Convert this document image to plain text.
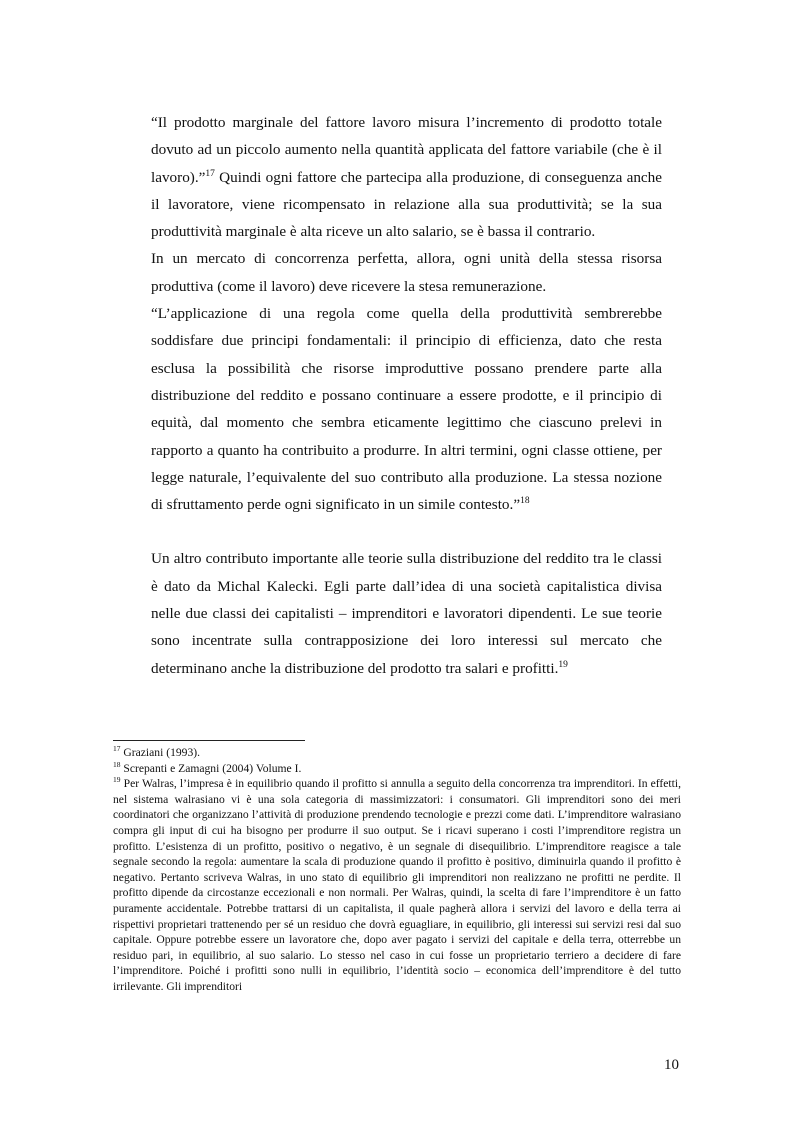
“Il prodotto marginale del fattore lavoro misura l’incremento di prodotto totale dovuto ad un piccolo aumento nella quantità applicata del fattore variabile (che è il lavoro).”$^{17}$ Quindi ogni fattore che partecipa alla produzione, di conseguenza anche il lavoratore, viene ricompensato in relazione alla sua produttività; se la sua produttività marginale è alta riceve un alto salario, se è bassa il contrario.

In un mercato di concorrenza perfetta, allora, ogni unità della stessa risorsa produttiva (come il lavoro) deve ricevere la stesa remunerazione.

“L’applicazione di una regola come quella della produttività sembrerebbe soddisfare due principi fondamentali: il principio di efficienza, dato che resta esclusa la possibilità che risorse improduttive possano prendere parte alla distribuzione del reddito e possano continuare a essere prodotte, e il principio di equità, dal momento che sembra eticamente legittimo che ciascuno prelevi in rapporto a quanto ha contribuito a produrre. In altri termini, ogni classe ottiene, per legge naturale, l’equivalente del suo contributo alla produzione. La stessa nozione di sfruttamento perde ogni significato in un simile contesto.”$^{18}$

Un altro contributo importante alle teorie sulla distribuzione del reddito tra le classi è dato da Michal Kalecki. Egli parte dall’idea di una società capitalistica divisa nelle due classi dei capitalisti – imprenditori e lavoratori dipendenti. Le sue teorie sono incentrate sulla contrapposizione dei loro interessi sul mercato che determinano anche la distribuzione del prodotto tra salari e profitti.$^{19}$

$^{17}$ Graziani (1993).

$^{18}$ Screpanti e Zamagni (2004) Volume I.

$^{19}$ Per Walras, l’impresa è in equilibrio quando il profitto si annulla a seguito della concorrenza tra imprenditori. In effetti, nel sistema walrasiano vi è una sola categoria di massimizzatori: i consumatori. Gli imprenditori sono dei meri coordinatori che organizzano l’attività di produzione prendendo tecnologie e prezzi come dati. L’imprenditore walrasiano compra gli input di cui ha bisogno per produrre il suo output. Se i ricavi superano i costi l’imprenditore registra un profitto. L’esistenza di un profitto, positivo o negativo, è un segnale di disequilibrio. L’imprenditore reagisce a tale segnale secondo la regola: aumentare la scala di produzione quando il profitto è positivo, diminuirla quando il profitto è negativo. Pertanto scriveva Walras, in uno stato di equilibrio gli imprenditori non realizzano ne profitti ne perdite. Il profitto dipende da circostanze eccezionali e non normali. Per Walras, quindi, la scelta di fare l’imprenditore è un fatto puramente accidentale. Potrebbe trattarsi di un capitalista, il quale pagherà allora i servizi del lavoro e della terra ai rispettivi proprietari trattenendo per sé un residuo che dovrà eguagliare, in equilibrio, gli interessi sui servizi resi dal suo capitale. Oppure potrebbe essere un lavoratore che, dopo aver pagato i servizi del capitale e della terra, otterrebbe un residuo pari, in equilibrio, al suo salario. Lo stesso nel caso in cui fosse un proprietario terriero a decidere di fare l’imprenditore. Poiché i profitti sono nulli in equilibrio, l’identità socio – economica dell’imprenditore è del tutto irrilevante. Gli imprenditori

10
